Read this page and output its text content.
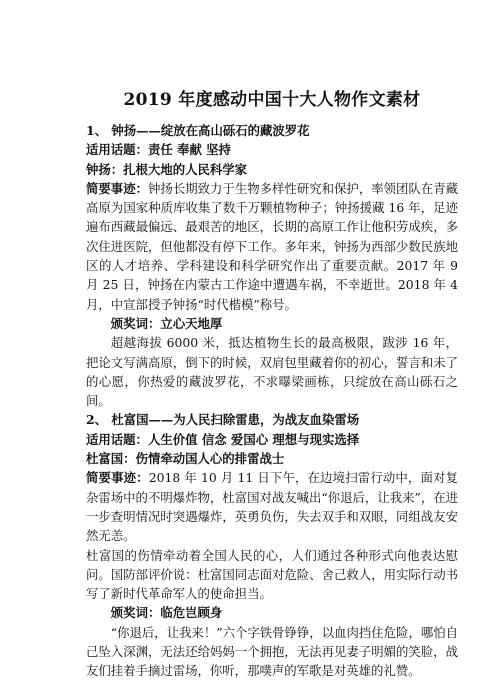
2019 年度感动中国十大人物作文素材

1、 钟扬——绽放在高山砾石的藏波罗花

适用话题：责任 奉献 坚持

钟扬：扎根大地的人民科学家

简要事迹：钟扬长期致力于生物多样性研究和保护，率领团队在青藏高原为国家种质库收集了数千万颗植物种子；钟扬援藏 16 年，足迹遍布西藏最偏远、最艰苦的地区，长期的高原工作让他积劳成疾，多次住进医院，但他都没有停下工作。多年来，钟扬为西部少数民族地区的人才培养、学科建设和科学研究作出了重要贡献。2017 年 9 月 25 日，钟扬在内蒙古工作途中遭遇车祸，不幸逝世。2018 年 4 月，中宣部授予钟扬“时代楷模”称号。

颁奖词：立心天地厚

超越海拔 6000 米，抵达植物生长的最高极限，跋涉 16 年，把论文写满高原，倒下的时候，双肩包里藏着你的初心，誓言和未了的心愿，你热爱的藏波罗花，不求曝梁画栋，只绽放在高山砾石之间。

2、 杜富国——为人民扫除雷患，为战友血染雷场

适用话题：人生价值 信念 爱国心 理想与现实选择

杜富国：伤情牵动国人心的排雷战士

简要事迹：2018 年 10 月 11 日下午，在边境扫雷行动中，面对复杂雷场中的不明爆炸物，杜富国对战友喊出“你退后，让我来”，在进一步查明情况时突遇爆炸，英勇负伤，失去双手和双眼，同组战友安然无恙。

杜富国的伤情牵动着全国人民的心，人们通过各种形式向他表达慰问。国防部评价说：杜富国同志面对危险、舍己救人，用实际行动书写了新时代革命军人的使命担当。

颁奖词：临危岂顾身

“你退后，让我来！”六个字铁骨铮铮，以血肉挡住危险，哪怕自己坠入深渊，无法还给妈妈一个拥抱，无法再见妻子明媚的笑脸，战友们挂着手摘过雷场，你听，那噗声的军歌是对英雄的礼赞。
